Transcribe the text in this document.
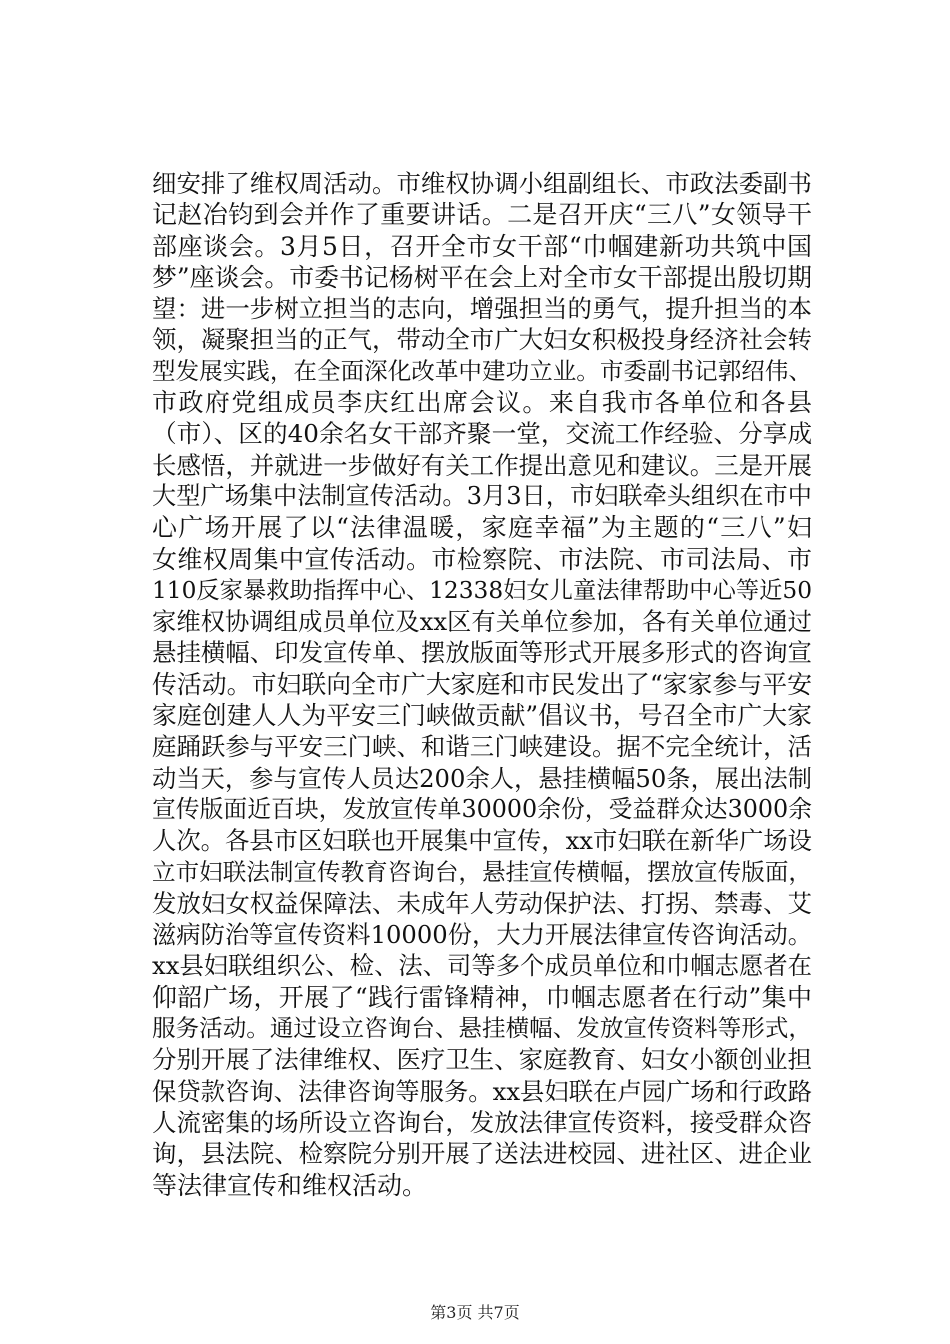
细安排了维权周活动。市维权协调小组副组长、市政法委副书
记赵冶钧到会并作了重要讲话。二是召开庆“三八”女领导干
部座谈会。3月5日，召开全市女干部“巾帼建新功共筑中国
梦”座谈会。市委书记杨树平在会上对全市女干部提出殷切期
望：进一步树立担当的志向，增强担当的勇气，提升担当的本
领，凝聚担当的正气，带动全市广大妇女积极投身经济社会转
型发展实践，在全面深化改革中建功立业。市委副书记郭绍伟、
市政府党组成员李庆红出席会议。来自我市各单位和各县
（市）、区的40余名女干部齐聚一堂，交流工作经验、分享成
长感悟，并就进一步做好有关工作提出意见和建议。三是开展
大型广场集中法制宣传活动。3月3日，市妇联牵头组织在市中
心广场开展了以“法律温暖，家庭幸福”为主题的“三八”妇
女维权周集中宣传活动。市检察院、市法院、市司法局、市
110反家暴救助指挥中心、12338妇女儿童法律帮助中心等近50
家维权协调组成员单位及xx区有关单位参加，各有关单位通过
悬挂横幅、印发宣传单、摆放版面等形式开展多形式的咨询宣
传活动。市妇联向全市广大家庭和市民发出了“家家参与平安
家庭创建人人为平安三门峡做贡献”倡议书，号召全市广大家
庭踊跃参与平安三门峡、和谐三门峡建设。据不完全统计，活
动当天，参与宣传人员达200余人，悬挂横幅50条，展出法制
宣传版面近百块，发放宣传单30000余份，受益群众达3000余
人次。各县市区妇联也开展集中宣传，xx市妇联在新华广场设
立市妇联法制宣传教育咨询台，悬挂宣传横幅，摆放宣传版面，
发放妇女权益保障法、未成年人劳动保护法、打拐、禁毒、艾
滋病防治等宣传资料10000份，大力开展法律宣传咨询活动。
xx县妇联组织公、检、法、司等多个成员单位和巾帼志愿者在
仰韶广场，开展了“践行雷锋精神，巾帼志愿者在行动”集中
服务活动。通过设立咨询台、悬挂横幅、发放宣传资料等形式，
分别开展了法律维权、医疗卫生、家庭教育、妇女小额创业担
保贷款咨询、法律咨询等服务。xx县妇联在卢园广场和行政路
人流密集的场所设立咨询台，发放法律宣传资料，接受群众咨
询，县法院、检察院分别开展了送法进校园、进社区、进企业
等法律宣传和维权活动。
第3页 共7页
